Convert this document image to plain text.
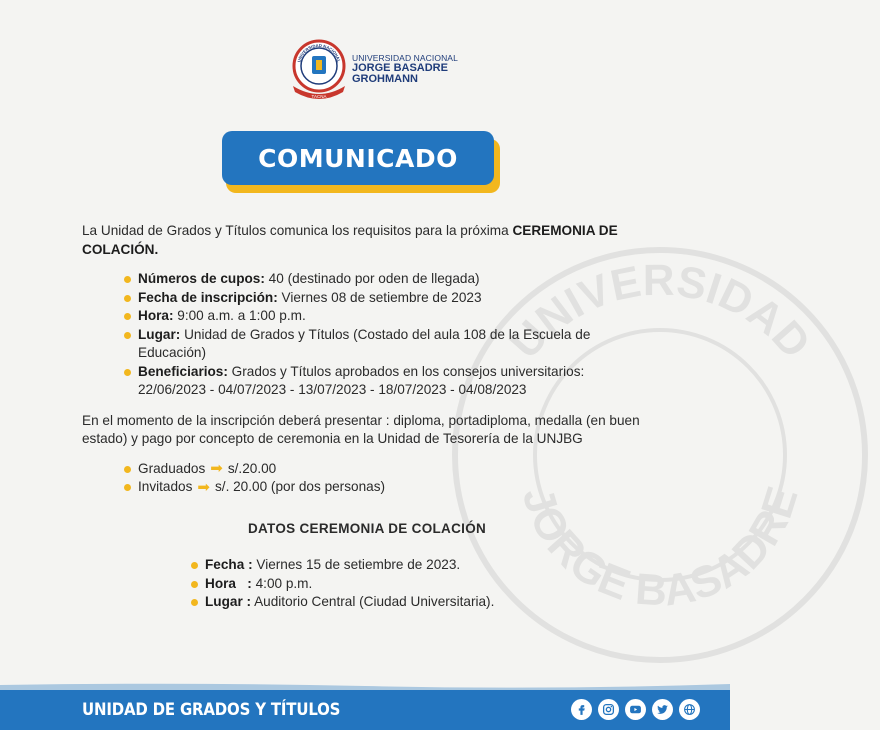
UNIVERSIDAD
JORGE BASADRE
UNIVERSIDAD NACIONAL
TACNA
UNIVERSIDAD NACIONAL
JORGE BASADRE
GROHMANN
COMUNICADO

La Unidad de Grados y Títulos comunica los requisitos para la próxima CEREMONIA DE COLACIÓN.

Números de cupos: 40 (destinado por oden de llegada)
Fecha de inscripción: Viernes 08 de setiembre de 2023
Hora: 9:00 a.m. a 1:00 p.m.
Lugar: Unidad de Grados y Títulos (Costado del aula 108 de la Escuela de Educación)
Beneficiarios: Grados y Títulos aprobados en los consejos universitarios: 22/06/2023 - 04/07/2023 - 13/07/2023 - 18/07/2023 - 04/08/2023

En el momento de la inscripción deberá presentar : diploma, portadiploma, medalla (en buen estado) y pago por concepto de ceremonia en la Unidad de Tesorería de la UNJBG

Graduados ➡ s/.20.00
Invitados ➡ s/. 20.00 (por dos personas)
DATOS CEREMONIA DE COLACIÓN
Fecha : Viernes 15 de setiembre de 2023.
Hora   : 4:00 p.m.
Lugar : Auditorio Central (Ciudad Universitaria).
UNIDAD DE GRADOS Y TÍTULOS
